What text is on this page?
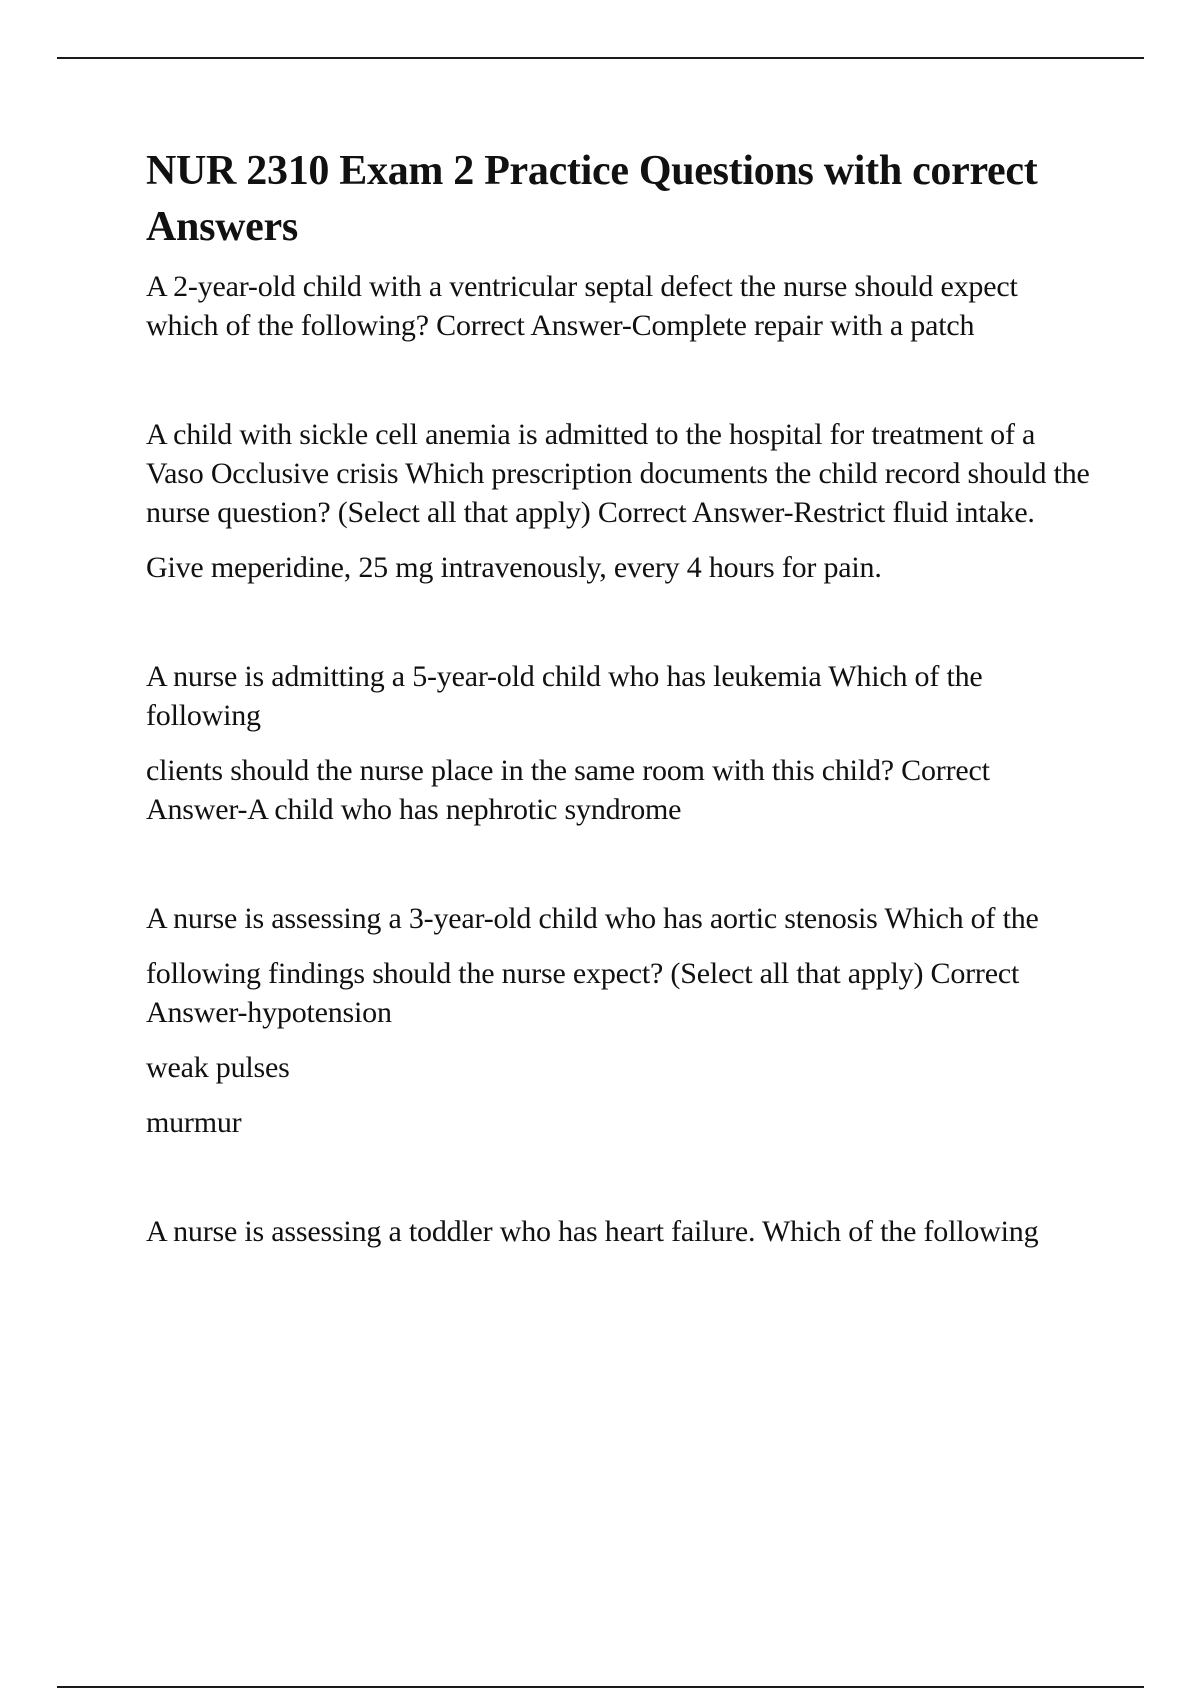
NUR 2310 Exam 2 Practice Questions with correct Answers

A 2-year-old child with a ventricular septal defect the nurse should expect which of the following? Correct Answer-Complete repair with a patch

A child with sickle cell anemia is admitted to the hospital for treatment of a Vaso Occlusive crisis Which prescription documents the child record should the nurse question? (Select all that apply) Correct Answer-Restrict fluid intake.

Give meperidine, 25 mg intravenously, every 4 hours for pain.

A nurse is admitting a 5-year-old child who has leukemia Which of the following

clients should the nurse place in the same room with this child? Correct Answer-A child who has nephrotic syndrome

A nurse is assessing a 3-year-old child who has aortic stenosis Which of the

following findings should the nurse expect? (Select all that apply) Correct Answer-hypotension

weak pulses

murmur

A nurse is assessing a toddler who has heart failure. Which of the following
